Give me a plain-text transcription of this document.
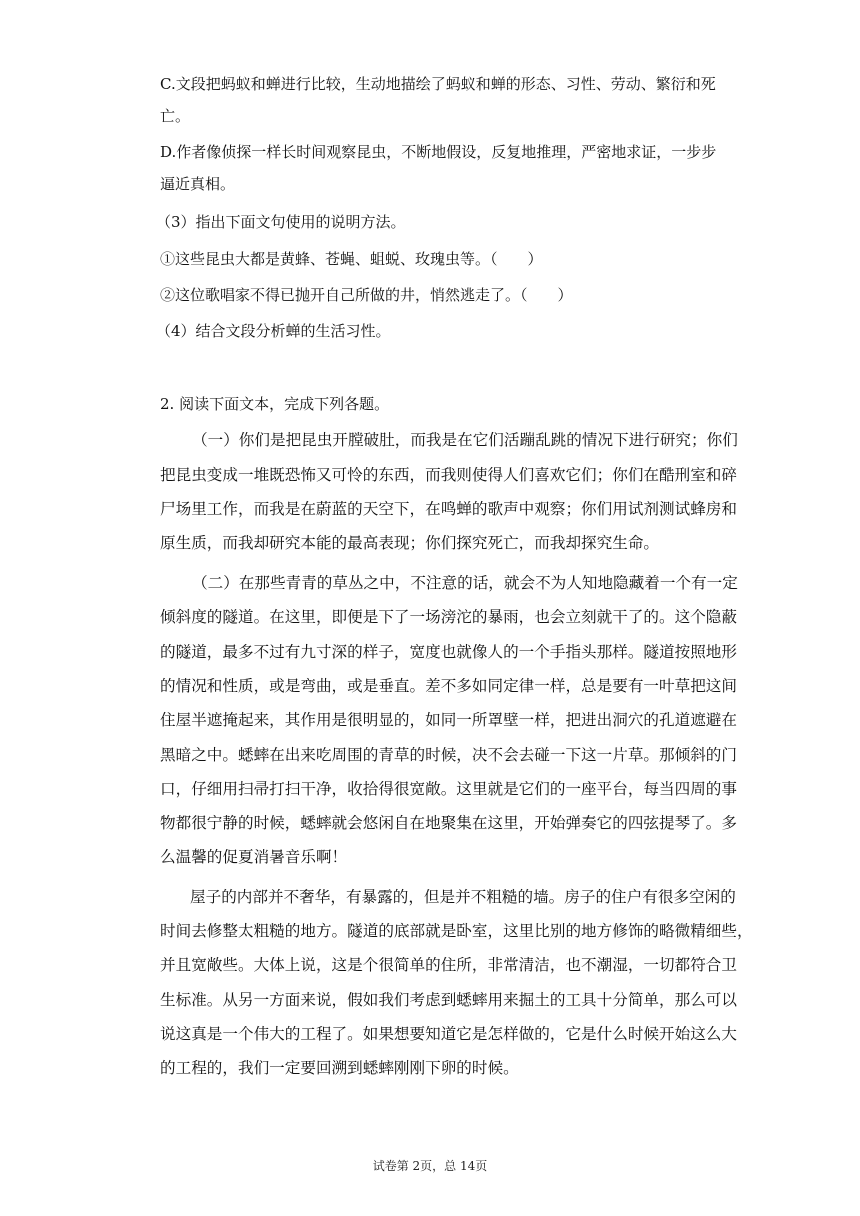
C.文段把蚂蚁和蝉进行比较，生动地描绘了蚂蚁和蝉的形态、习性、劳动、繁衍和死
亡。
D.作者像侦探一样长时间观察昆虫，不断地假设，反复地推理，严密地求证，一步步
逼近真相。
（3）指出下面文句使用的说明方法。
①这些昆虫大都是黄蜂、苍蝇、蛆蜕、玫瑰虫等。（　　）
②这位歌唱家不得已抛开自己所做的井，悄然逃走了。（　　）
（4）结合文段分析蝉的生活习性。
2. 阅读下面文本，完成下列各题。
（一）你们是把昆虫开膛破肚，而我是在它们活蹦乱跳的情况下进行研究；你们
把昆虫变成一堆既恐怖又可怜的东西，而我则使得人们喜欢它们；你们在酷刑室和碎
尸场里工作，而我是在蔚蓝的天空下，在鸣蝉的歌声中观察；你们用试剂测试蜂房和
原生质，而我却研究本能的最高表现；你们探究死亡，而我却探究生命。
（二）在那些青青的草丛之中，不注意的话，就会不为人知地隐藏着一个有一定
倾斜度的隧道。在这里，即便是下了一场滂沱的暴雨，也会立刻就干了的。这个隐蔽
的隧道，最多不过有九寸深的样子，宽度也就像人的一个手指头那样。隧道按照地形
的情况和性质，或是弯曲，或是垂直。差不多如同定律一样，总是要有一叶草把这间
住屋半遮掩起来，其作用是很明显的，如同一所罩壁一样，把进出洞穴的孔道遮避在
黑暗之中。蟋蟀在出来吃周围的青草的时候，决不会去碰一下这一片草。那倾斜的门
口，仔细用扫帚打扫干净，收拾得很宽敞。这里就是它们的一座平台，每当四周的事
物都很宁静的时候，蟋蟀就会悠闲自在地聚集在这里，开始弹奏它的四弦提琴了。多
么温馨的促夏消暑音乐啊！
屋子的内部并不奢华，有暴露的，但是并不粗糙的墙。房子的住户有很多空闲的
时间去修整太粗糙的地方。隧道的底部就是卧室，这里比别的地方修饰的略微精细些，
并且宽敞些。大体上说，这是个很简单的住所，非常清洁，也不潮湿，一切都符合卫
生标准。从另一方面来说，假如我们考虑到蟋蟀用来掘土的工具十分简单，那么可以
说这真是一个伟大的工程了。如果想要知道它是怎样做的，它是什么时候开始这么大
的工程的，我们一定要回溯到蟋蟀刚刚下卵的时候。
试卷第 2页，总 14页
